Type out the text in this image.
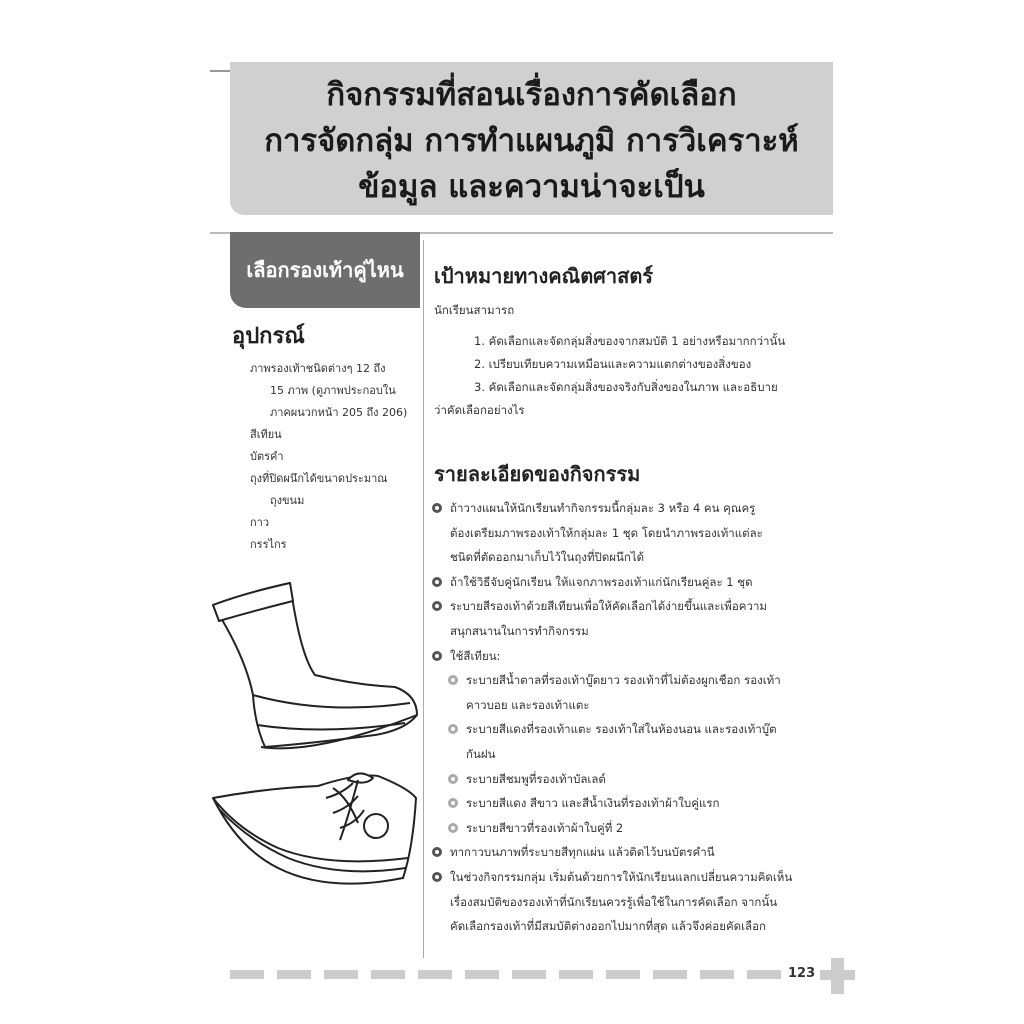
กิจกรรมที่สอนเรื่องการคัดเลือก
การจัดกลุ่ม การทำแผนภูมิ การวิเคราะห์
ข้อมูล และความน่าจะเป็น
เลือกรองเท้าคู่ไหน
อุปกรณ์
ภาพรองเท้าชนิดต่างๆ 12 ถึง
15 ภาพ (ดูภาพประกอบใน
ภาคผนวกหน้า 205 ถึง 206)
สีเทียน
บัตรคำ
ถุงที่ปิดผนึกได้ขนาดประมาณ
ถุงขนม
กาว
กรรไกร
เป้าหมายทางคณิตศาสตร์
นักเรียนสามารถ
1. คัดเลือกและจัดกลุ่มสิ่งของจากสมบัติ 1 อย่างหรือมากกว่านั้น
2. เปรียบเทียบความเหมือนและความแตกต่างของสิ่งของ
3. คัดเลือกและจัดกลุ่มสิ่งของจริงกับสิ่งของในภาพ และอธิบาย
ว่าคัดเลือกอย่างไร
รายละเอียดของกิจกรรม
ถ้าวางแผนให้นักเรียนทำกิจกรรมนี้กลุ่มละ 3 หรือ 4 คน คุณครู
ต้องเตรียมภาพรองเท้าให้กลุ่มละ 1 ชุด โดยนำภาพรองเท้าแต่ละ
ชนิดที่ตัดออกมาเก็บไว้ในถุงที่ปิดผนึกได้
ถ้าใช้วิธีจับคู่นักเรียน ให้แจกภาพรองเท้าแก่นักเรียนคู่ละ 1 ชุด
ระบายสีรองเท้าด้วยสีเทียนเพื่อให้คัดเลือกได้ง่ายขึ้นและเพื่อความ
สนุกสนานในการทำกิจกรรม
ใช้สีเทียน:
ระบายสีน้ำตาลที่รองเท้าบู๊ตยาว รองเท้าที่ไม่ต้องผูกเชือก รองเท้า
คาวบอย และรองเท้าแตะ
ระบายสีแดงที่รองเท้าแตะ รองเท้าใส่ในห้องนอน และรองเท้าบู๊ต
กันฝน
ระบายสีชมพูที่รองเท้าบัลเลต์
ระบายสีแดง สีขาว และสีน้ำเงินที่รองเท้าผ้าใบคู่แรก
ระบายสีขาวที่รองเท้าผ้าใบคู่ที่ 2
ทากาวบนภาพที่ระบายสีทุกแผ่น แล้วติดไว้บนบัตรคำนี
ในช่วงกิจกรรมกลุ่ม เริ่มต้นด้วยการให้นักเรียนแลกเปลี่ยนความคิดเห็น
เรื่องสมบัติของรองเท้าที่นักเรียนควรรู้เพื่อใช้ในการคัดเลือก จากนั้น
คัดเลือกรองเท้าที่มีสมบัติต่างออกไปมากที่สุด แล้วจึงค่อยคัดเลือก
123
